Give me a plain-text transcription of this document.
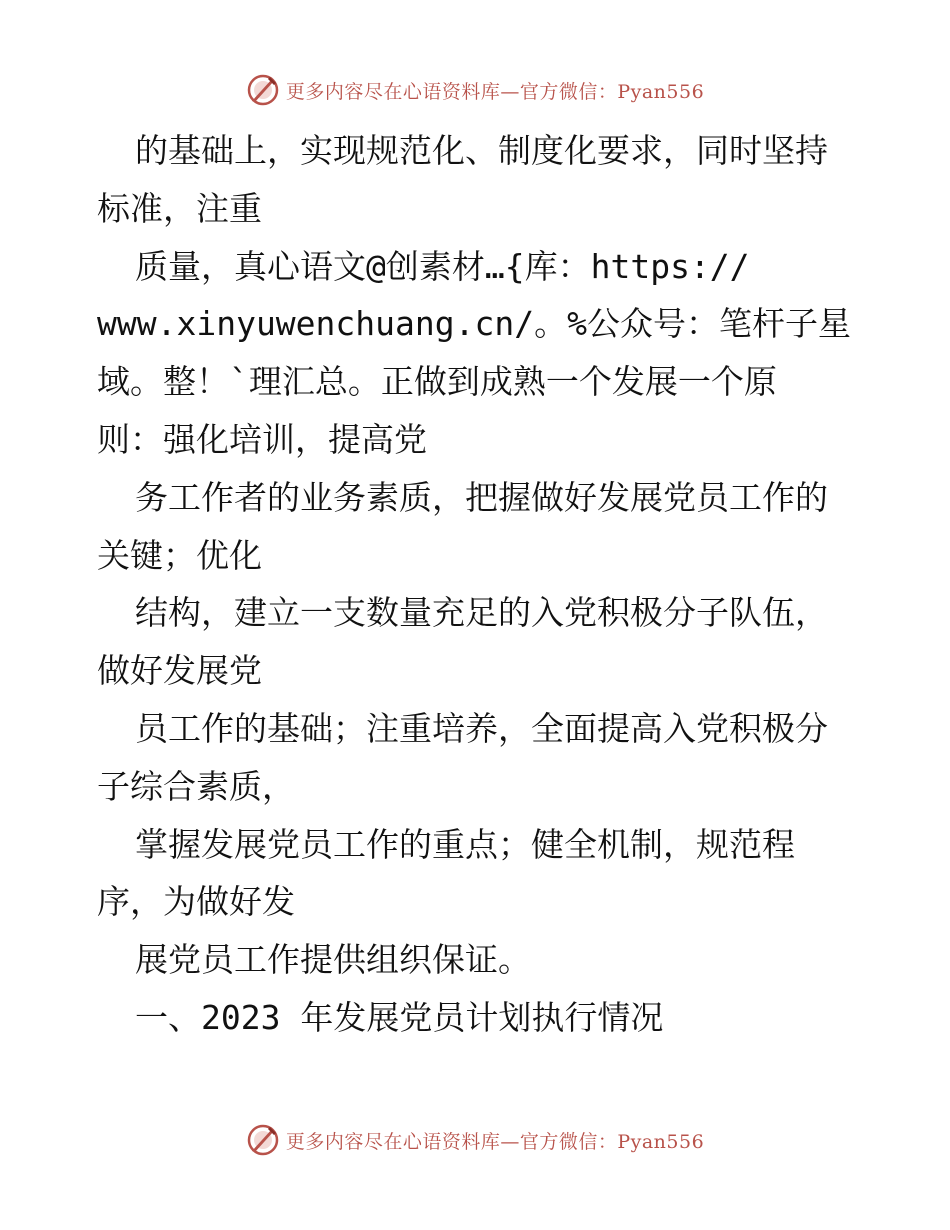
更多内容尽在心语资料库—官方微信：Pyan556
的基础上，实现规范化、制度化要求，同时坚持
标准，注重
质量，真心语文@创素材…{库：https://
www.xinyuwenchuang.cn/。%公众号：笔杆子星
域。整！`理汇总。正做到成熟一个发展一个原
则：强化培训，提高党
务工作者的业务素质，把握做好发展党员工作的
关键；优化
结构，建立一支数量充足的入党积极分子队伍，
做好发展党
员工作的基础；注重培养，全面提高入党积极分
子综合素质，
掌握发展党员工作的重点；健全机制，规范程
序，为做好发
展党员工作提供组织保证。
一、2023 年发展党员计划执行情况
更多内容尽在心语资料库—官方微信：Pyan556
